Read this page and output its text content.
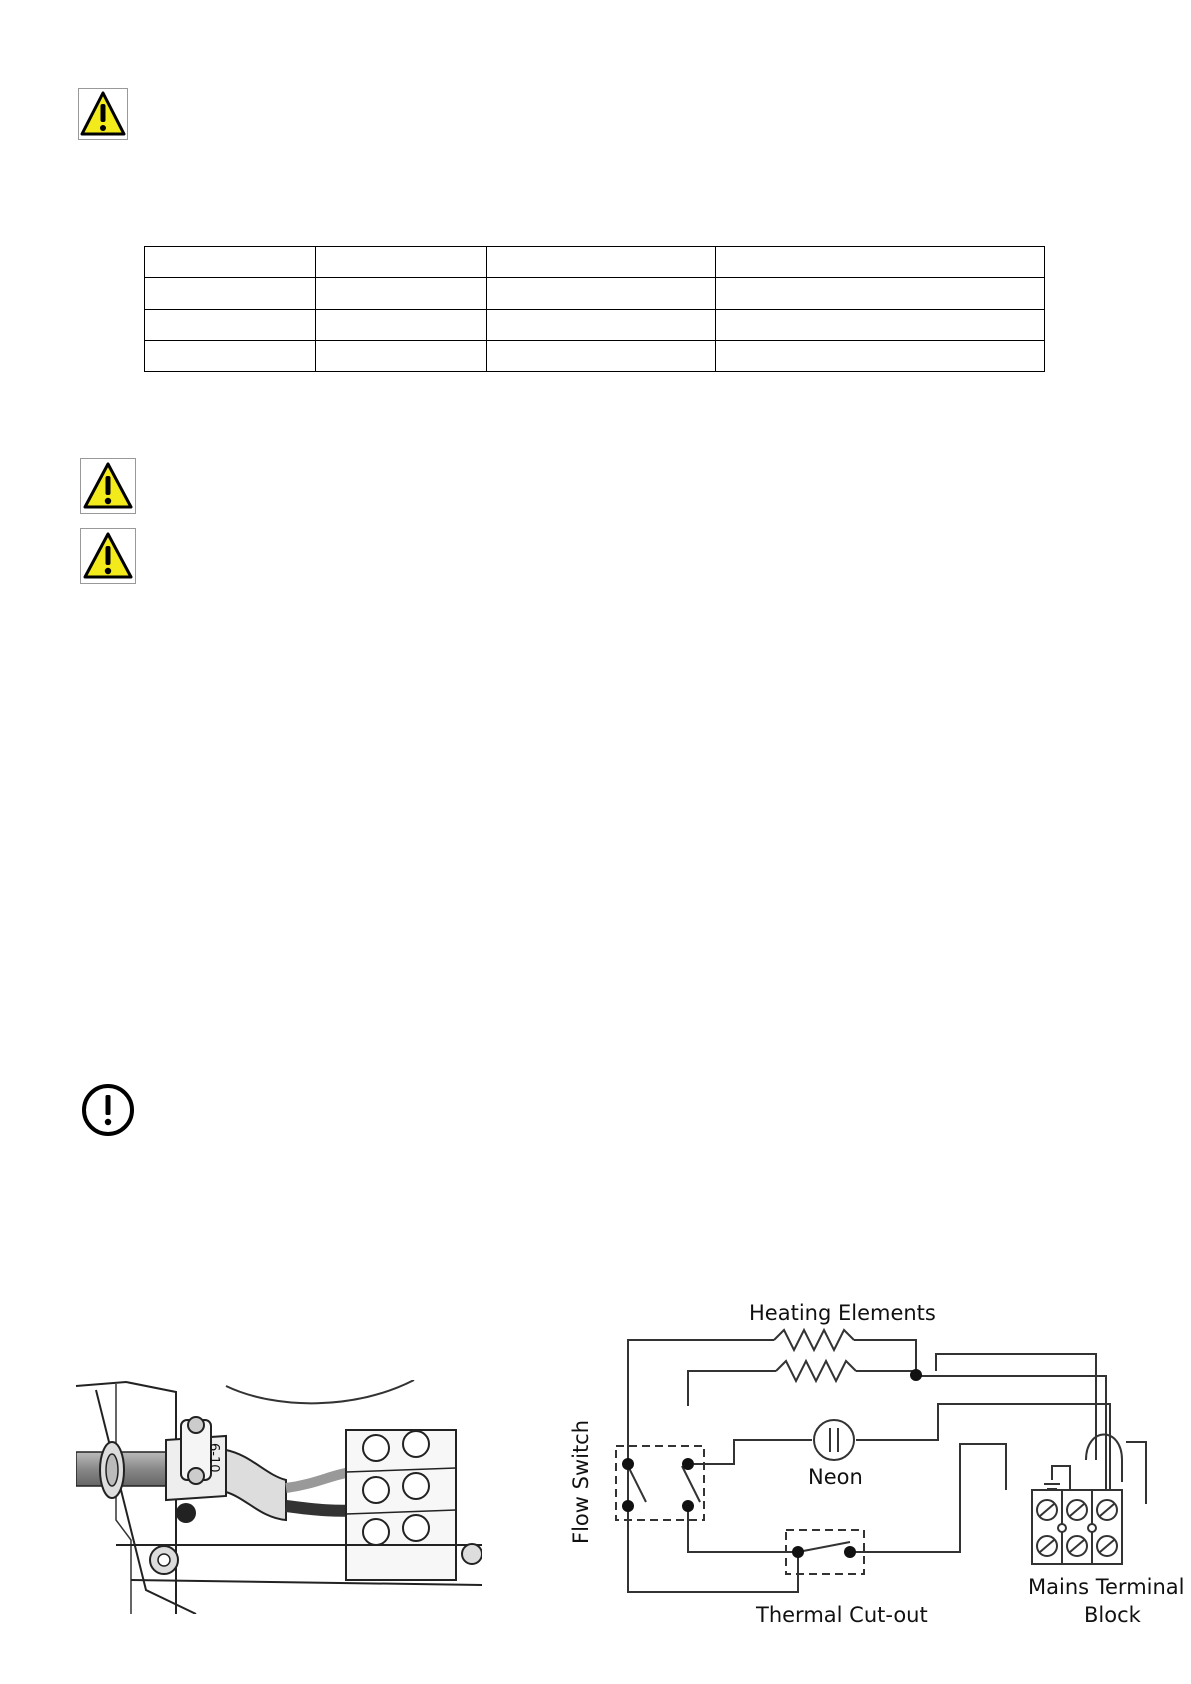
6-10
Heating Elements
Flow Switch	Neon
Thermal Cut-out
Mains Terminal
Block
